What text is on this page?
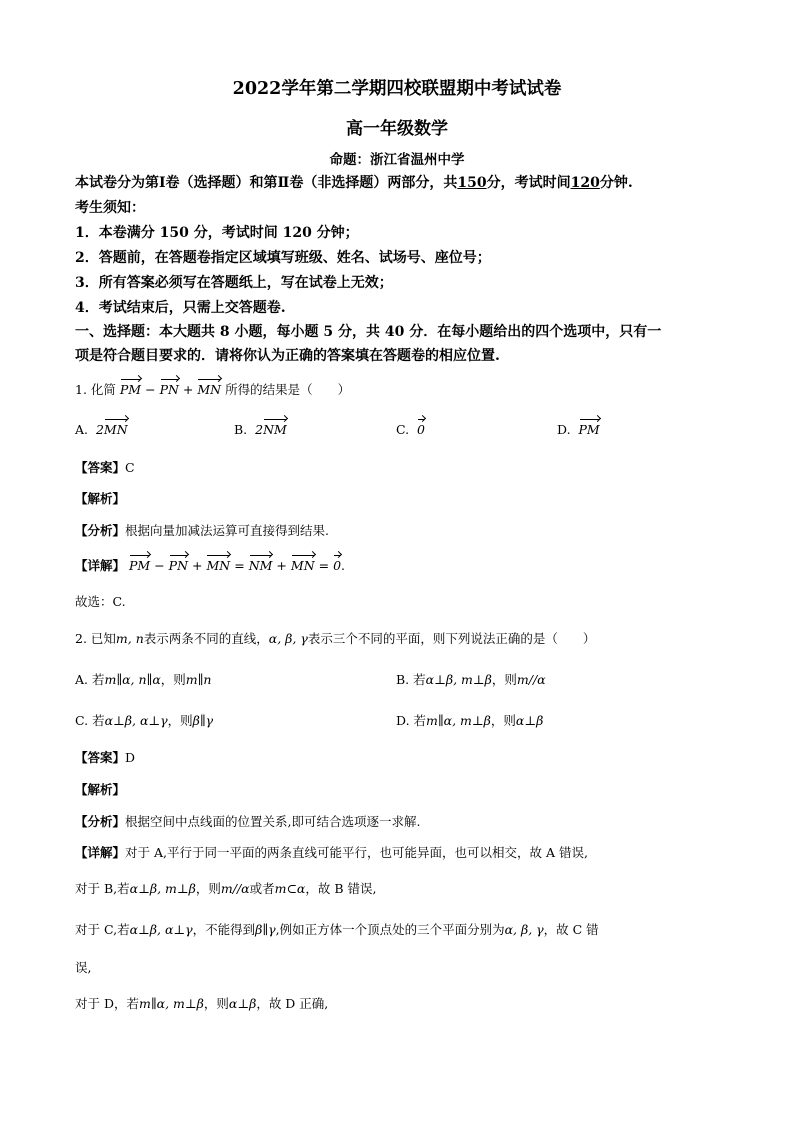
2022学年第二学期四校联盟期中考试试卷
高一年级数学
命题：浙江省温州中学
本试卷分为第Ⅰ卷（选择题）和第Ⅱ卷（非选择题）两部分，共150分，考试时间120分钟.
考生须知：
1．本卷满分 150 分，考试时间 120 分钟；
2．答题前，在答题卷指定区域填写班级、姓名、试场号、座位号；
3．所有答案必须写在答题纸上，写在试卷上无效；
4．考试结束后，只需上交答题卷.
一、选择题：本大题共 8 小题，每小题 5 分，共 40 分．在每小题给出的四个选项中，只有一
项是符合题目要求的．请将你认为正确的答案填在答题卷的相应位置.
1. 化简 PM − PN + MN 所得的结果是（　　）
A. 2MN	B. 2NM	C. 0	D. PM
【答案】C
【解析】
【分析】根据向量加减法运算可直接得到结果.
【详解】 PM − PN + MN = NM + MN = 0.
故选：C.
2. 已知m, n表示两条不同的直线，α, β, γ表示三个不同的平面，则下列说法正确的是（　　）
A. 若m∥α, n∥α，则m∥n	B. 若α⊥β, m⊥β，则m//α
C. 若α⊥β, α⊥γ，则β∥γ	D. 若m∥α, m⊥β，则α⊥β
【答案】D
【解析】
【分析】根据空间中点线面的位置关系,即可结合选项逐一求解.
【详解】对于 A,平行于同一平面的两条直线可能平行，也可能异面，也可以相交，故 A 错误,
对于 B,若α⊥β, m⊥β，则m//α或者m⊂α，故 B 错误,
对于 C,若α⊥β, α⊥γ，不能得到β∥γ,例如正方体一个顶点处的三个平面分别为α, β, γ，故 C 错
误,
对于 D，若m∥α, m⊥β，则α⊥β，故 D 正确,
